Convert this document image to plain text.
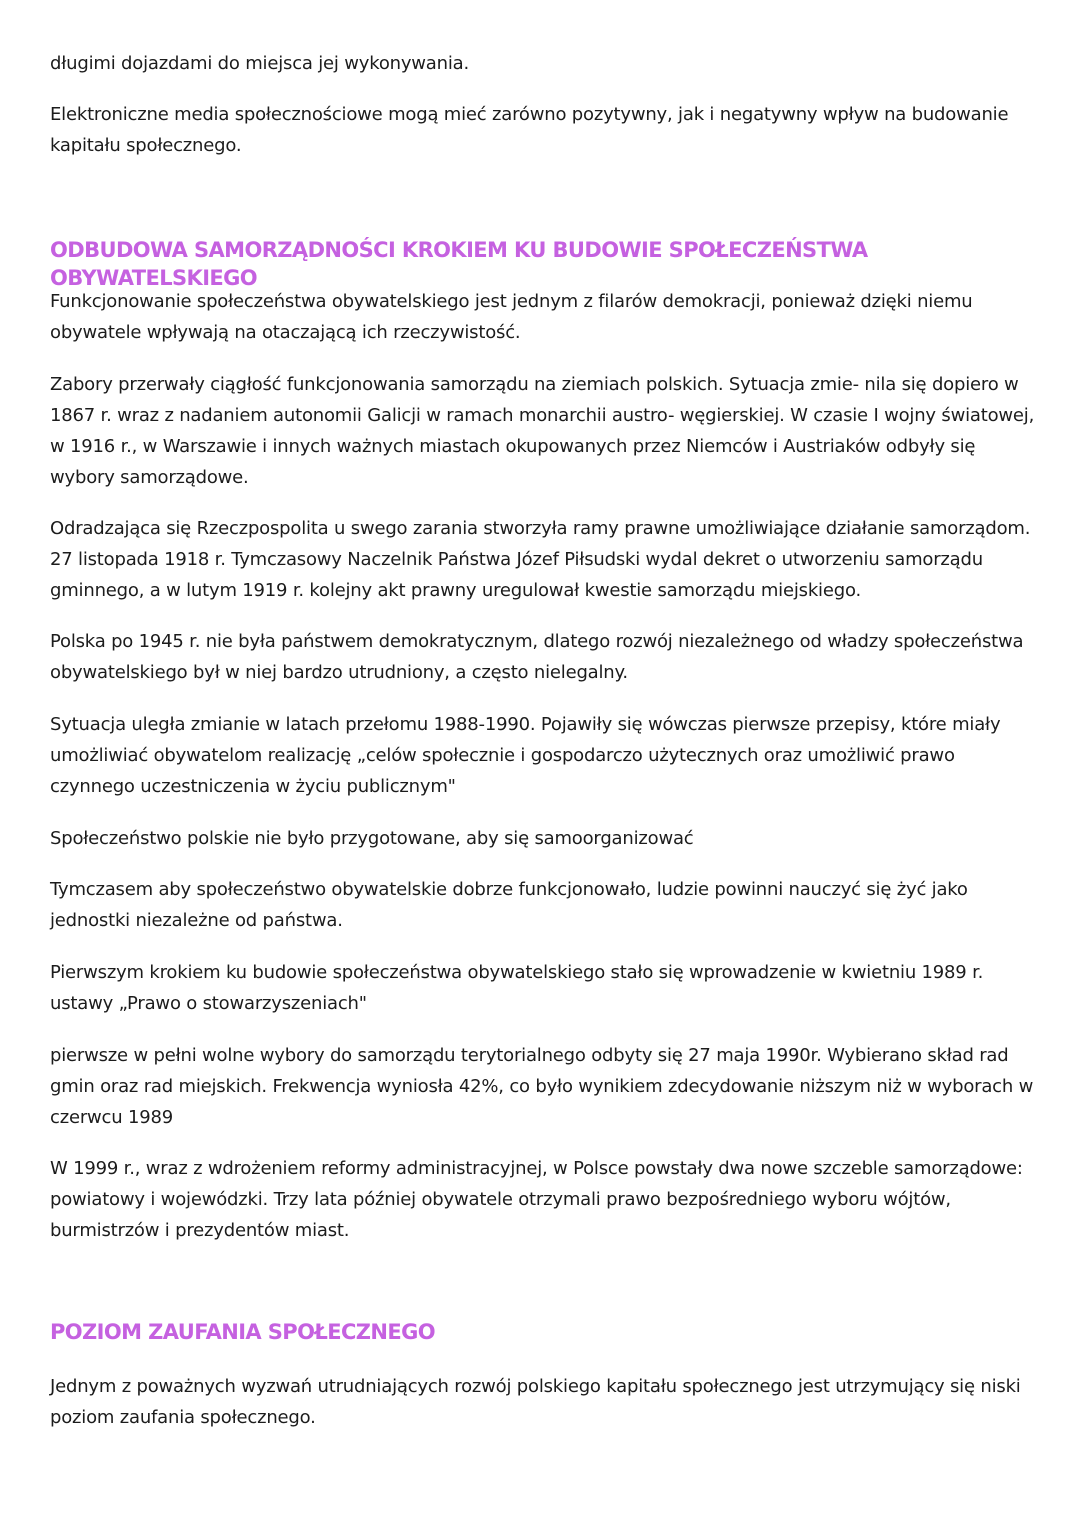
długimi dojazdami do miejsca jej wykonywania.

Elektroniczne media społecznościowe mogą mieć zarówno pozytywny, jak i negatywny wpływ na budowanie kapitału społecznego.

ODBUDOWA SAMORZĄDNOŚCI KROKIEM KU BUDOWIE SPOŁECZEŃSTWA OBYWATELSKIEGO

Funkcjonowanie społeczeństwa obywatelskiego jest jednym z filarów demokracji, ponieważ dzięki niemu obywatele wpływają na otaczającą ich rzeczywistość.

Zabory przerwały ciągłość funkcjonowania samorządu na ziemiach polskich. Sytuacja zmie- nila się dopiero w 1867 r. wraz z nadaniem autonomii Galicji w ramach monarchii austro- węgierskiej. W czasie I wojny światowej, w 1916 r., w Warszawie i innych ważnych miastach okupowanych przez Niemców i Austriaków odbyły się wybory samorządowe.

Odradzająca się Rzeczpospolita u swego zarania stworzyła ramy prawne umożliwiające działanie samorządom. 27 listopada 1918 r. Tymczasowy Naczelnik Państwa Józef Piłsudski wydal dekret o utworzeniu samorządu gminnego, a w lutym 1919 r. kolejny akt prawny uregulował kwestie samorządu miejskiego.

Polska po 1945 r. nie była państwem demokratycznym, dlatego rozwój niezależnego od władzy społeczeństwa obywatelskiego był w niej bardzo utrudniony, a często nielegalny.

Sytuacja uległa zmianie w latach przełomu 1988-1990. Pojawiły się wówczas pierwsze przepisy, które miały umożliwiać obywatelom realizację „celów społecznie i gospodarczo użytecznych oraz umożliwić prawo czynnego uczestniczenia w życiu publicznym"

Społeczeństwo polskie nie było przygotowane, aby się samoorganizować

Tymczasem aby społeczeństwo obywatelskie dobrze funkcjonowało, ludzie powinni nauczyć się żyć jako jednostki niezależne od państwa.

Pierwszym krokiem ku budowie społeczeństwa obywatelskiego stało się wprowadzenie w kwietniu 1989 r. ustawy „Prawo o stowarzyszeniach"

pierwsze w pełni wolne wybory do samorządu terytorialnego odbyty się 27 maja 1990r. Wybierano skład rad gmin oraz rad miejskich. Frekwencja wyniosła 42%, co było wynikiem zdecydowanie niższym niż w wyborach w czerwcu 1989

W 1999 r., wraz z wdrożeniem reformy administracyjnej, w Polsce powstały dwa nowe szczeble samorządowe: powiatowy i wojewódzki. Trzy lata później obywatele otrzymali prawo bezpośredniego wyboru wójtów, burmistrzów i prezydentów miast.

POZIOM ZAUFANIA SPOŁECZNEGO

Jednym z poważnych wyzwań utrudniających rozwój polskiego kapitału społecznego jest utrzymujący się niski poziom zaufania społecznego.
